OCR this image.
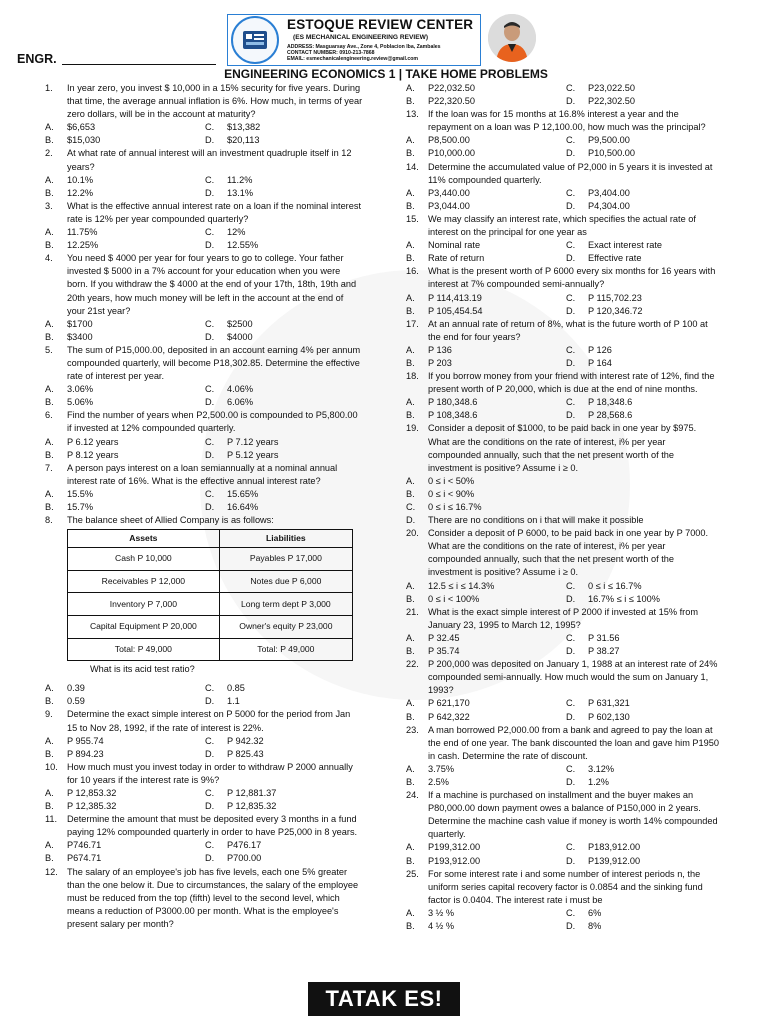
ESTOQUE REVIEW CENTER
(ES MECHANICAL ENGINEERING REVIEW)
ADDRESS: Masguarsay Ave., Zone 4, Poblacion Iba, Zambales
CONTACT NUMBER: 0910-213-7868
EMAIL: esmechanicalengineering.review@gmail.com
ENGR.
ENGINEERING ECONOMICS 1 | TAKE HOME PROBLEMS
1.	In year zero, you invest $ 10,000 in a 15% security for five years. During that time, the average annual inflation is 6%. How much, in terms of year zero dollars, will be in the account at maturity?
A.	$6,653	C.	$13,382
B.	$15,030	D.	$20,113
2.	At what rate of annual interest will an investment quadruple itself in 12 years?
A.	10.1%	C.	11.2%
B.	12.2%	D.	13.1%
3.	What is the effective annual interest rate on a loan if the nominal interest rate is 12% per year compounded quarterly?
A.	11.75%	C.	12%
B.	12.25%	D.	12.55%
4.	You need $ 4000 per year for four years to go to college. Your father invested $ 5000 in a 7% account for your education when you were born. If you withdraw the $ 4000 at the end of your 17th, 18th, 19th and 20th years, how much money will be left in the account at the end of your 21st year?
A.	$1700	C.	$2500
B.	$3400	D.	$4000
5.	The sum of P15,000.00, deposited in an account earning 4% per annum compounded quarterly, will become P18,302.85. Determine the effective rate of interest per year.
A.	3.06%	C.	4.06%
B.	5.06%	D.	6.06%
6.	Find the number of years when P2,500.00 is compounded to P5,800.00 if invested at 12% compounded quarterly.
A.	P 6.12 years	C.	P 7.12 years
B.	P 8.12 years	D.	P 5.12 years
7.	A person pays interest on a loan semiannually at a nominal annual interest rate of 16%. What is the effective annual interest rate?
A.	15.5%	C.	15.65%
B.	15.7%	D.	16.64%
8.	The balance sheet of Allied Company is as follows:
Assets	Liabilities
Cash P 10,000	Payables P 17,000
Receivables P 12,000	Notes due P 6,000
Inventory P 7,000	Long term dept P 3,000
Capital Equipment P 20,000	Owner's equity P 23,000
Total: P 49,000	Total: P 49,000
What is its acid test ratio?
A.	0.39	C.	0.85
B.	0.59	D.	1.1
9.	Determine the exact simple interest on P 5000 for the period from Jan 15 to Nov 28, 1992, if the rate of interest is 22%.
A.	P 955.74	C.	P 942.32
B.	P 894.23	D.	P 825.43
10.	How much must you invest today in order to withdraw P 2000 annually for 10 years if the interest rate is 9%?
A.	P 12,853.32	C.	P 12,881.37
B.	P 12,385.32	D.	P 12,835.32
11.	Determine the amount that must be deposited every 3 months in a fund paying 12% compounded quarterly in order to have P25,000 in 8 years.
A.	P746.71	C.	P476.17
B.	P674.71	D.	P700.00
12.	The salary of an employee's job has five levels, each one 5% greater than the one below it. Due to circumstances, the salary of the employee must be reduced from the top (fifth) level to the second level, which means a reduction of P3000.00 per month. What is the employee's present salary per month?
A.	P22,032.50	C.	P23,022.50
B.	P22,320.50	D.	P22,302.50
13.	If the loan was for 15 months at 16.8% interest a year and the repayment on a loan was P 12,100.00, how much was the principal?
A.	P8,500.00	C.	P9,500.00
B.	P10,000.00	D.	P10,500.00
14.	Determine the accumulated value of P2,000 in 5 years it is invested at 11% compounded quarterly.
A.	P3,440.00	C.	P3,404.00
B.	P3,044.00	D.	P4,304.00
15.	We may classify an interest rate, which specifies the actual rate of interest on the principal for one year as
A.	Nominal rate	C.	Exact interest rate
B.	Rate of return	D.	Effective rate
16.	What is the present worth of P 6000 every six months for 16 years with interest at 7% compounded semi-annually?
A.	P 114,413.19	C.	P 115,702.23
B.	P 105,454.54	D.	P 120,346.72
17.	At an annual rate of return of 8%, what is the future worth of P 100 at the end for four years?
A.	P 136	C.	P 126
B.	P 203	D.	P 164
18.	If you borrow money from your friend with interest rate of 12%, find the present worth of P 20,000, which is due at the end of nine months.
A.	P 180,348.6	C.	P 18,348.6
B.	P 108,348.6	D.	P 28,568.6
19.	Consider a deposit of $1000, to be paid back in one year by $975. What are the conditions on the rate of interest, i% per year compounded annually, such that the net present worth of the investment is positive? Assume i ≥ 0.
A.	0 ≤ i < 50%
B.	0 ≤ i < 90%
C.	0 ≤ i ≤ 16.7%
D.	There are no conditions on i that will make it possible
20.	Consider a deposit of P 6000, to be paid back in one year by P 7000. What are the conditions on the rate of interest, i% per year compounded annually, such that the net present worth of the investment is positive? Assume i ≥ 0.
A.	12.5 ≤ i ≤ 14.3%	C.	0 ≤ i ≤ 16.7%
B.	0 ≤ i < 100%	D.	16.7% ≤ i ≤ 100%
21.	What is the exact simple interest of P 2000 if invested at 15% from January 23, 1995 to March 12, 1995?
A.	P 32.45	C.	P 31.56
B.	P 35.74	D.	P 38.27
22.	P 200,000 was deposited on January 1, 1988 at an interest rate of 24% compounded semi-annually. How much would the sum on January 1, 1993?
A.	P 621,170	C.	P 631,321
B.	P 642,322	D.	P 602,130
23.	A man borrowed P2,000.00 from a bank and agreed to pay the loan at the end of one year. The bank discounted the loan and gave him P1950 in cash. Determine the rate of discount.
A.	3.75%	C.	3.12%
B.	2.5%	D.	1.2%
24.	If a machine is purchased on installment and the buyer makes an P80,000.00 down payment owes a balance of P150,000 in 2 years. Determine the machine cash value if money is worth 14% compounded quarterly.
A.	P199,312.00	C.	P183,912.00
B.	P193,912.00	D.	P139,912.00
25.	For some interest rate i and some number of interest periods n, the uniform series capital recovery factor is 0.0854 and the sinking fund factor is 0.0404. The interest rate i must be
A.	3 ½ %	C.	6%
B.	4 ½ %	D.	8%
TATAK ES!
